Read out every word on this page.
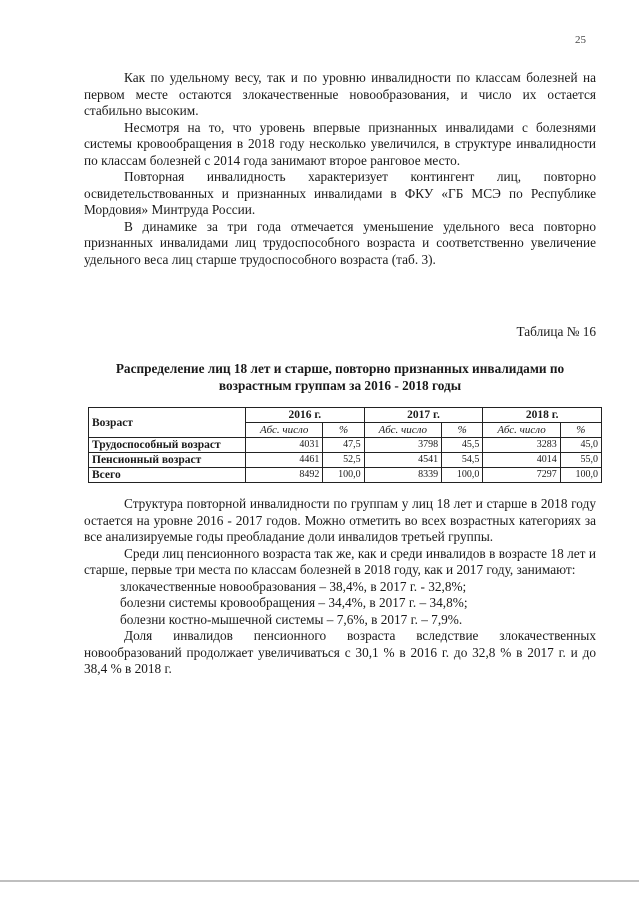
25

Как по удельному весу, так и по уровню инвалидности по классам болезней на первом месте остаются злокачественные новообразования, и число их остается стабильно высоким.

Несмотря на то, что уровень впервые признанных инвалидами с болезнями системы кровообращения в 2018 году несколько увеличился, в структуре инвалидности по классам болезней с 2014 года занимают второе ранговое место.

Повторная инвалидность характеризует контингент лиц, повторно освидетельствованных и признанных инвалидами в ФКУ «ГБ МСЭ по Республике Мордовия» Минтруда России.

В динамике за три года отмечается уменьшение удельного веса повторно признанных инвалидами лиц трудоспособного возраста и соответственно увеличение удельного веса лиц старше трудоспособного возраста (таб. 3).

Таблица № 16
Распределение лиц 18 лет и старше, повторно признанных инвалидами по возрастным группам за 2016 - 2018 годы
Возраст	2016 г.		2017 г.		2018 г.	
	Абс. число	%	Абс. число	%	Абс. число	%
Трудоспособный возраст	4031	47,5	3798	45,5	3283	45,0
Пенсионный возраст	4461	52,5	4541	54,5	4014	55,0
Всего	8492	100,0	8339	100,0	7297	100,0

Структура повторной инвалидности по группам у лиц 18 лет и старше в 2018 году остается на уровне 2016 - 2017 годов. Можно отметить во всех возрастных категориях за все анализируемые годы преобладание доли инвалидов третьей группы.

Среди лиц пенсионного возраста так же, как и среди инвалидов в возрасте 18 лет и старше, первые три места по классам болезней в 2018 году, как и 2017 году, занимают:

злокачественные новообразования – 38,4%, в 2017 г. - 32,8%;

болезни системы кровообращения – 34,4%, в 2017 г. – 34,8%;

болезни костно-мышечной системы – 7,6%, в 2017 г. – 7,9%.

Доля инвалидов пенсионного возраста вследствие злокачественных новообразований продолжает увеличиваться с 30,1 % в 2016 г. до 32,8 % в 2017 г. и до 38,4 % в 2018 г.
